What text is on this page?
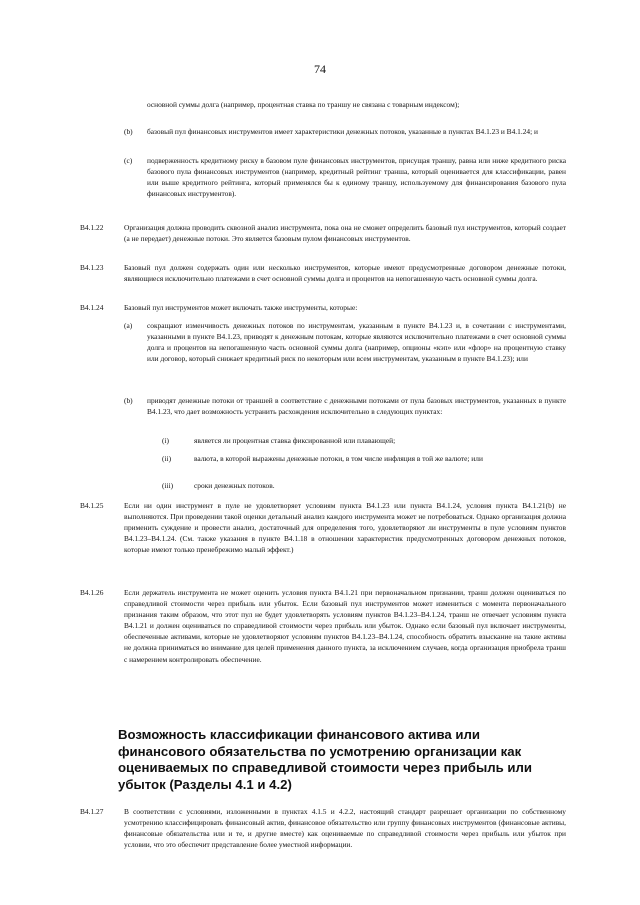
74
основной суммы долга (например, процентная ставка по траншу не связана с товарным индексом);
(b) базовый пул финансовых инструментов имеет характеристики денежных потоков, указанные в пунктах B4.1.23 и B4.1.24; и
(c) подверженность кредитному риску в базовом пуле финансовых инструментов, присущая траншу, равна или ниже кредитного риска базового пула финансовых инструментов (например, кредитный рейтинг транша, который оценивается для классификации, равен или выше кредитного рейтинга, который применялся бы к единому траншу, используемому для финансирования базового пула финансовых инструментов).
B4.1.22	Организация должна проводить сквозной анализ инструмента, пока она не сможет определить базовый пул инструментов, который создает (а не передает) денежные потоки. Это является базовым пулом финансовых инструментов.
B4.1.23	Базовый пул должен содержать один или несколько инструментов, которые имеют предусмотренные договором денежные потоки, являющиеся исключительно платежами в счет основной суммы долга и процентов на непогашенную часть основной суммы долга.
B4.1.24	Базовый пул инструментов может включать также инструменты, которые:
(a) сокращают изменчивость денежных потоков по инструментам, указанным в пункте B4.1.23 и, в сочетании с инструментами, указанными в пункте B4.1.23, приводят к денежным потокам, которые являются исключительно платежами в счет основной суммы долга и процентов на непогашенную часть основной суммы долга (например, опционы «кэп» или «флор» на процентную ставку или договор, который снижает кредитный риск по некоторым или всем инструментам, указанным в пункте B4.1.23); или
(b) приводят денежные потоки от траншей в соответствие с денежными потоками от пула базовых инструментов, указанных в пункте B4.1.23, что дает возможность устранить расхождения исключительно в следующих пунктах:
(i)	является ли процентная ставка фиксированной или плавающей;
(ii)	валюта, в которой выражены денежные потоки, в том числе инфляция в той же валюте; или
(iii)	сроки денежных потоков.
B4.1.25	Если ни один инструмент в пуле не удовлетворяет условиям пункта B4.1.23 или пункта B4.1.24, условия пункта B4.1.21(b) не выполняются. При проведении такой оценки детальный анализ каждого инструмента может не потребоваться. Однако организация должна применить суждение и провести анализ, достаточный для определения того, удовлетворяют ли инструменты в пуле условиям пунктов B4.1.23–B4.1.24. (См. также указания в пункте B4.1.18 в отношении характеристик предусмотренных договором денежных потоков, которые имеют только пренебрежимо малый эффект.)
B4.1.26	Если держатель инструмента не может оценить условия пункта B4.1.21 при первоначальном признании, транш должен оцениваться по справедливой стоимости через прибыль или убыток. Если базовый пул инструментов может измениться с момента первоначального признания таким образом, что этот пул не будет удовлетворять условиям пунктов B4.1.23–B4.1.24, транш не отвечает условиям пункта B4.1.21 и должен оцениваться по справедливой стоимости через прибыль или убыток. Однако если базовый пул включает инструменты, обеспеченные активами, которые не удовлетворяют условиям пунктов B4.1.23–B4.1.24, способность обратить взыскание на такие активы не должна приниматься во внимание для целей применения данного пункта, за исключением случаев, когда организация приобрела транш с намерением контролировать обеспечение.
Возможность классификации финансового актива или финансового обязательства по усмотрению организации как оцениваемых по справедливой стоимости через прибыль или убыток (Разделы 4.1 и 4.2)
B4.1.27	В соответствии с условиями, изложенными в пунктах 4.1.5 и 4.2.2, настоящий стандарт разрешает организации по собственному усмотрению классифицировать финансовый актив, финансовое обязательство или группу финансовых инструментов (финансовые активы, финансовые обязательства или и те, и другие вместе) как оцениваемые по справедливой стоимости через прибыль или убыток при условии, что это обеспечит представление более уместной информации.
